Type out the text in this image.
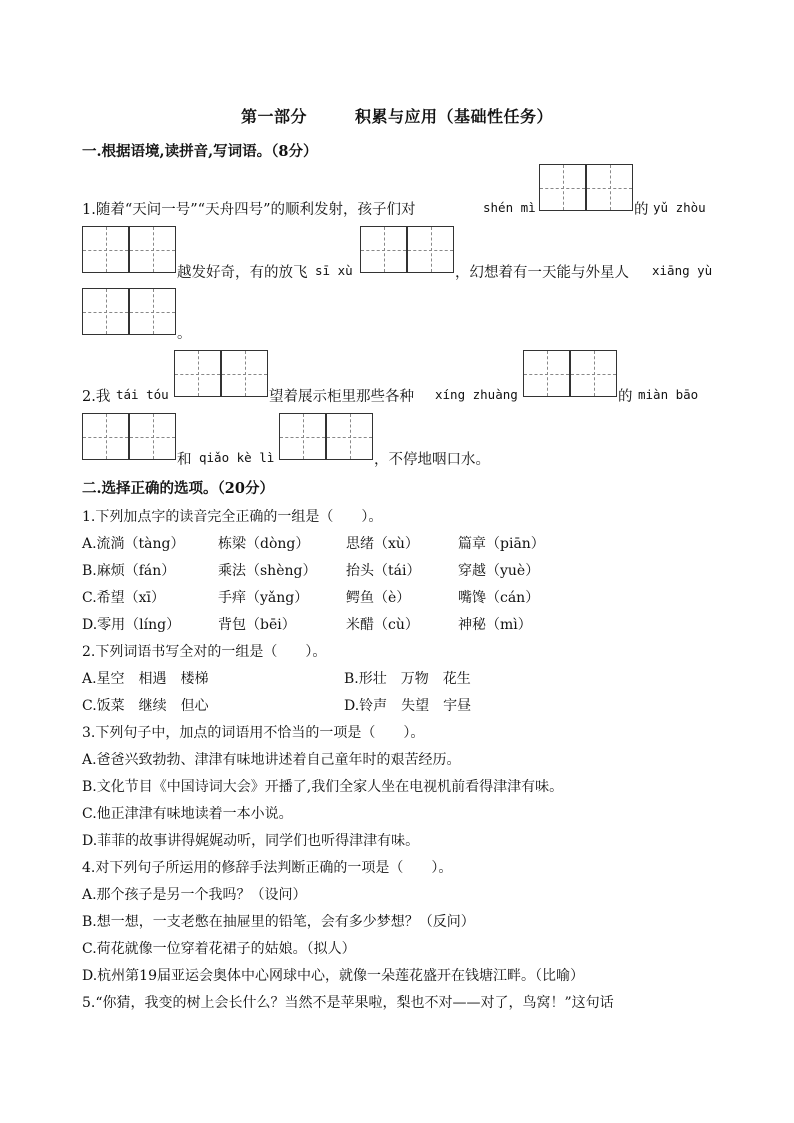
第一部分	积累与应用（基础性任务）
一.根据语境,读拼音,写词语。（8分）
1.随着“天问一号”“天舟四号”的顺利发射，孩子们对	shén mì	的 yǔ zhòu
越发好奇，有的放飞 sī xù	，幻想着有一天能与外星人 xiāng yù
。
2.我 tái tóu	望着展示柜里那些各种 xíng zhuàng	的 miàn bāo
和 qiǎo kè lì	，不停地咽口水。
二.选择正确的选项。（20分）
1.下列加点字的读音完全正确的一组是（　　）。
A.流淌（tàng） 栋梁（dòng）	思绪（xù）	篇章（piān）
B.麻烦（fán）	乘法（shèng） 抬头（tái）	穿越（yuè）
C.希望（xī）	手痒（yǎng）	鳄鱼（è）	嘴馋（cán）
D.零用（líng）	背包（bēi）	米醋（cù）	神秘（mì）
2.下列词语书写全对的一组是（　　）。
A.星空　相遇　楼梯	B.形壮　万物　花生
C.饭菜　继续　但心	D.铃声　失望　宇昼
3.下列句子中，加点的词语用不恰当的一项是（　　）。
A.爸爸兴致勃勃、津津有味地讲述着自己童年时的艰苦经历。
B.文化节目《中国诗词大会》开播了,我们全家人坐在电视机前看得津津有味。
C.他正津津有味地读着一本小说。
D.菲菲的故事讲得娓娓动听，同学们也听得津津有味。
4.对下列句子所运用的修辞手法判断正确的一项是（　　）。
A.那个孩子是另一个我吗？（设问）
B.想一想，一支老憋在抽屉里的铅笔，会有多少梦想？（反问）
C.荷花就像一位穿着花裙子的姑娘。（拟人）
D.杭州第19届亚运会奥体中心网球中心，就像一朵莲花盛开在钱塘江畔。（比喻）
5.“你猜，我变的树上会长什么？当然不是苹果啦，梨也不对——对了，鸟窝！”这句话
